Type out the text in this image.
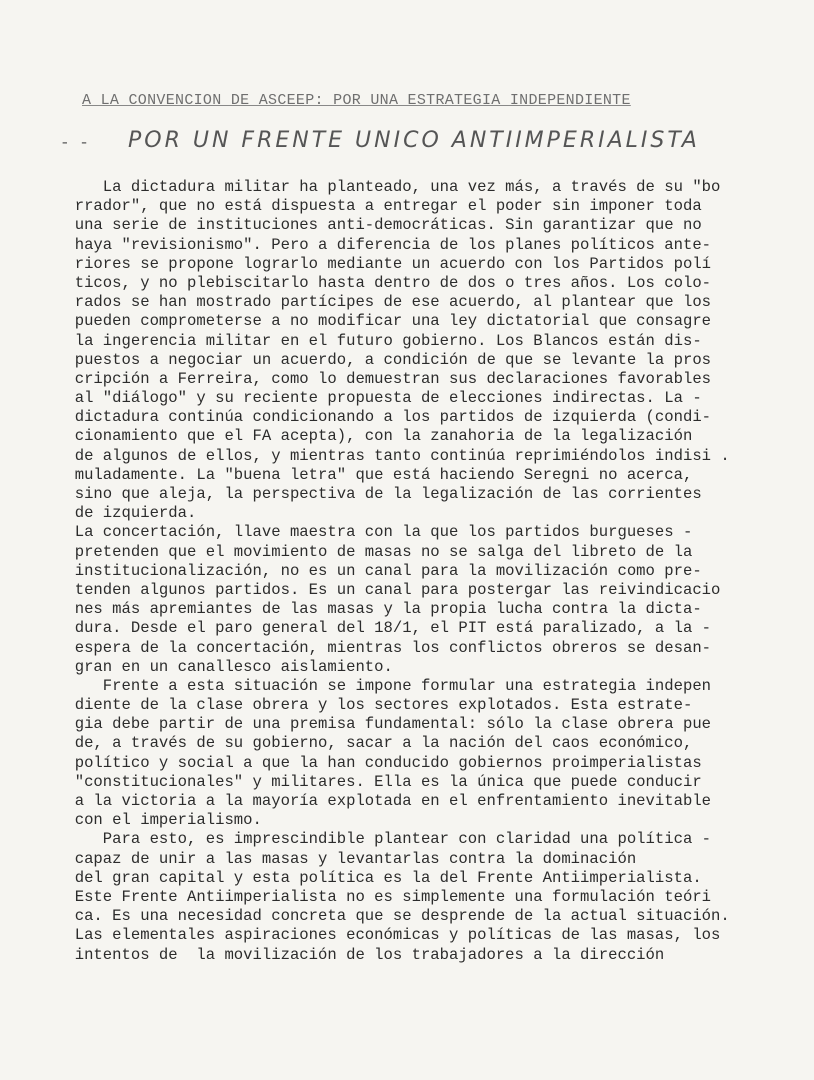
A LA CONVENCION DE ASCEEP: POR UNA ESTRATEGIA INDEPENDIENTE
- - POR UN FRENTE UNICO ANTIIMPERIALISTA
La dictadura militar ha planteado, una vez más, a través de su "bo
rrador", que no está dispuesta a entregar el poder sin imponer toda
una serie de instituciones anti-democráticas. Sin garantizar que no
haya "revisionismo". Pero a diferencia de los planes políticos ante-
riores se propone lograrlo mediante un acuerdo con los Partidos polí
ticos, y no plebiscitarlo hasta dentro de dos o tres años. Los colo-
rados se han mostrado partícipes de ese acuerdo, al plantear que los
pueden comprometerse a no modificar una ley dictatorial que consagre
la ingerencia militar en el futuro gobierno. Los Blancos están dis-
puestos a negociar un acuerdo, a condición de que se levante la pros
cripción a Ferreira, como lo demuestran sus declaraciones favorables
al "diálogo" y su reciente propuesta de elecciones indirectas. La -
dictadura continúa condicionando a los partidos de izquierda (condi-
cionamiento que el FA acepta), con la zanahoria de la legalización
de algunos de ellos, y mientras tanto continúa reprimiéndolos indisi .
muladamente. La "buena letra" que está haciendo Seregni no acerca,
sino que aleja, la perspectiva de la legalización de las corrientes
de izquierda.
La concertación, llave maestra con la que los partidos burgueses -
pretenden que el movimiento de masas no se salga del libreto de la
institucionalización, no es un canal para la movilización como pre-
tenden algunos partidos. Es un canal para postergar las reivindicacio
nes más apremiantes de las masas y la propia lucha contra la dicta-
dura. Desde el paro general del 18/1, el PIT está paralizado, a la -
espera de la concertación, mientras los conflictos obreros se desan-
gran en un canallesco aislamiento.
Frente a esta situación se impone formular una estrategia indepen
diente de la clase obrera y los sectores explotados. Esta estrate-
gia debe partir de una premisa fundamental: sólo la clase obrera pue
de, a través de su gobierno, sacar a la nación del caos económico,
político y social a que la han conducido gobiernos proimperialistas
"constitucionales" y militares. Ella es la única que puede conducir
a la victoria a la mayoría explotada en el enfrentamiento inevitable
con el imperialismo.
Para esto, es imprescindible plantear con claridad una política -
capaz de unir a las masas y levantarlas contra la dominación
del gran capital y esta política es la del Frente Antiimperialista.
Este Frente Antiimperialista no es simplemente una formulación teóri
ca. Es una necesidad concreta que se desprende de la actual situación.
Las elementales aspiraciones económicas y políticas de las masas, los
intentos de  la movilización de los trabajadores a la dirección
